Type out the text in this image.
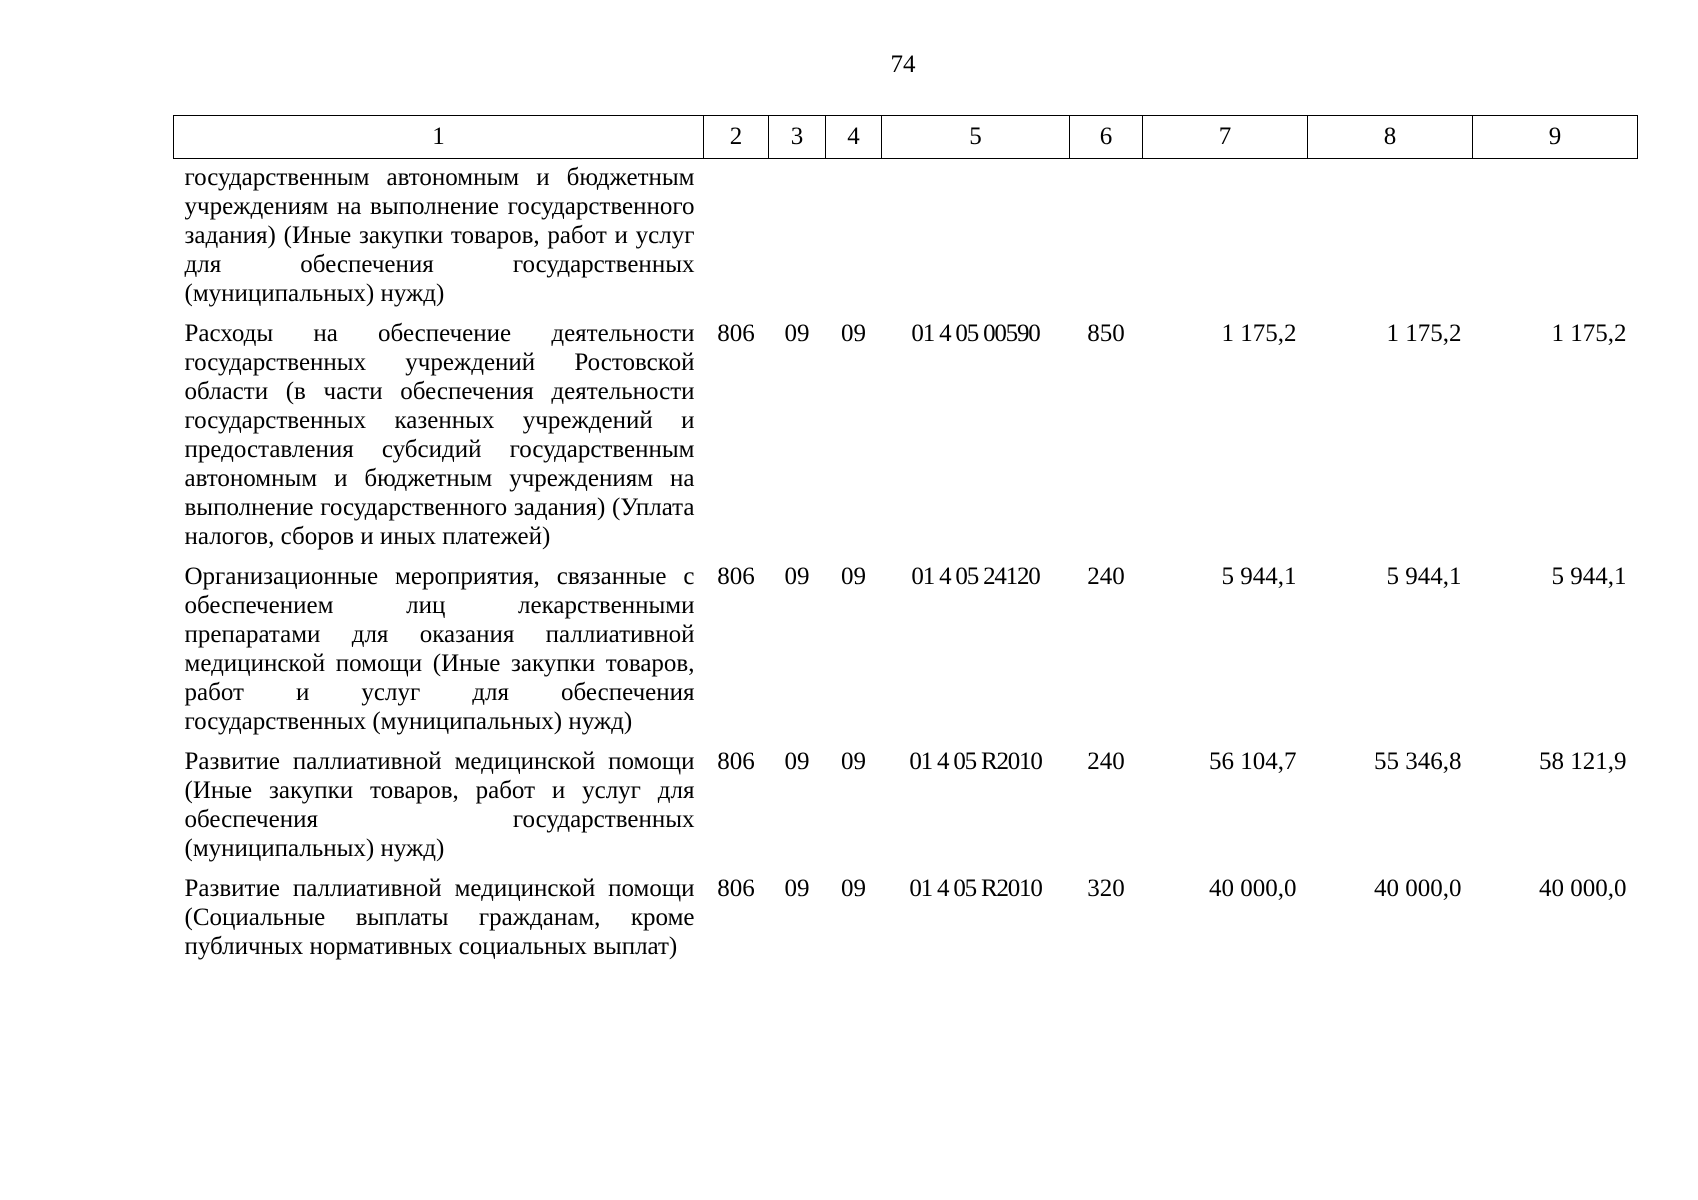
74
1	2	3	4	5	6	7	8	9
государственным автономным и бюджетным учреждениям на выполнение государственного задания) (Иные закупки товаров, работ и услуг для обеспечения государственных (муниципальных) нужд)								
Расходы на обеспечение деятельности государственных учреждений Ростовской области (в части обеспечения деятельности государственных казенных учреждений и предоставления субсидий государственным автономным и бюджетным учреждениям на выполнение государственного задания) (Уплата налогов, сборов и иных платежей)	806	09	09	01 4 05 00590	850	1 175,2	1 175,2	1 175,2
Организационные мероприятия, связанные с обеспечением лиц лекарственными препаратами для оказания паллиативной медицинской помощи (Иные закупки товаров, работ и услуг для обеспечения государственных (муниципальных) нужд)	806	09	09	01 4 05 24120	240	5 944,1	5 944,1	5 944,1
Развитие паллиативной медицинской помощи (Иные закупки товаров, работ и услуг для обеспечения государственных (муниципальных) нужд)	806	09	09	01 4 05 R2010	240	56 104,7	55 346,8	58 121,9
Развитие паллиативной медицинской помощи (Социальные выплаты гражданам, кроме публичных нормативных социальных выплат)	806	09	09	01 4 05 R2010	320	40 000,0	40 000,0	40 000,0
